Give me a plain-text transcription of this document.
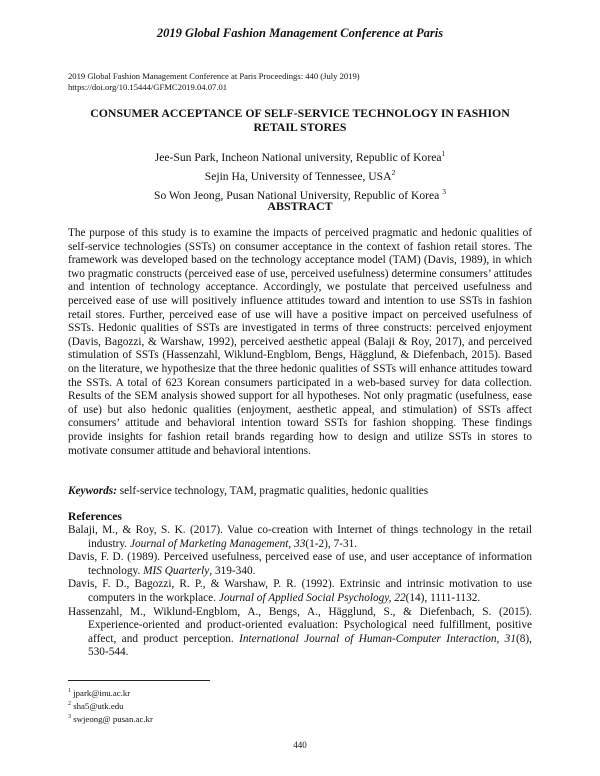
2019 Global Fashion Management Conference at Paris
2019 Global Fashion Management Conference at Paris Proceedings: 440 (July 2019)
https://doi.org/10.15444/GFMC2019.04.07.01
CONSUMER ACCEPTANCE OF SELF-SERVICE TECHNOLOGY IN FASHION
RETAIL STORES
Jee-Sun Park, Incheon National university, Republic of Korea$^1$
Sejin Ha, University of Tennessee, USA$^2$
So Won Jeong, Pusan National University, Republic of Korea $^3$
ABSTRACT

The purpose of this study is to examine the impacts of perceived pragmatic and hedonic qualities of self-service technologies (SSTs) on consumer acceptance in the context of fashion retail stores. The framework was developed based on the technology acceptance model (TAM) (Davis, 1989), in which two pragmatic constructs (perceived ease of use, perceived usefulness) determine consumers’ attitudes and intention of technology acceptance. Accordingly, we postulate that perceived usefulness and perceived ease of use will positively influence attitudes toward and intention to use SSTs in fashion retail stores. Further, perceived ease of use will have a positive impact on perceived usefulness of SSTs. Hedonic qualities of SSTs are investigated in terms of three constructs: perceived enjoyment (Davis, Bagozzi, & Warshaw, 1992), perceived aesthetic appeal (Balaji & Roy, 2017), and perceived stimulation of SSTs (Hassenzahl, Wiklund-Engblom, Bengs, Hägglund, & Diefenbach, 2015). Based on the literature, we hypothesize that the three hedonic qualities of SSTs will enhance attitudes toward the SSTs. A total of 623 Korean consumers participated in a web-based survey for data collection. Results of the SEM analysis showed support for all hypotheses. Not only pragmatic (usefulness, ease of use) but also hedonic qualities (enjoyment, aesthetic appeal, and stimulation) of SSTs affect consumers’ attitude and behavioral intention toward SSTs for fashion shopping. These findings provide insights for fashion retail brands regarding how to design and utilize SSTs in stores to motivate consumer attitude and behavioral intentions.

Keywords: self-service technology, TAM, pragmatic qualities, hedonic qualities
References
Balaji, M., & Roy, S. K. (2017). Value co-creation with Internet of things technology in the retail industry. Journal of Marketing Management, 33(1-2), 7-31.
Davis, F. D. (1989). Perceived usefulness, perceived ease of use, and user acceptance of information technology. MIS Quarterly, 319-340.
Davis, F. D., Bagozzi, R. P., & Warshaw, P. R. (1992). Extrinsic and intrinsic motivation to use computers in the workplace. Journal of Applied Social Psychology, 22(14), 1111-1132.
Hassenzahl, M., Wiklund-Engblom, A., Bengs, A., Hägglund, S., & Diefenbach, S. (2015). Experience-oriented and product-oriented evaluation: Psychological need fulfillment, positive affect, and product perception. International Journal of Human-Computer Interaction, 31(8), 530-544.
$^1$ jpark@inu.ac.kr
$^2$ sha5@utk.edu
$^3$ swjeong@ pusan.ac.kr
440
